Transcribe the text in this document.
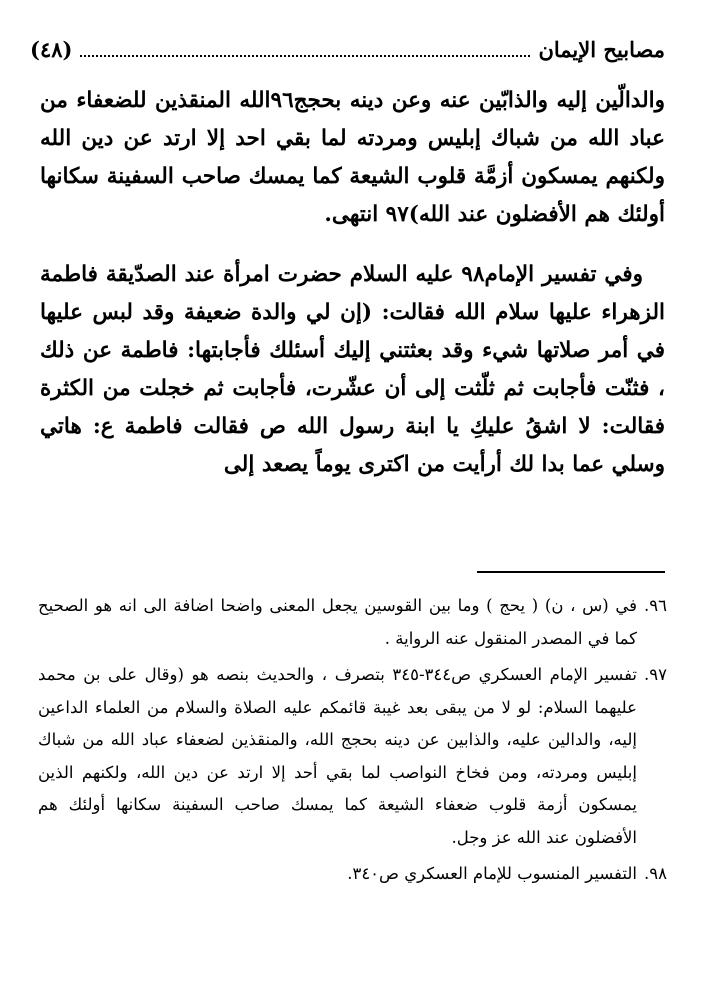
مصابيح الإيمان
(٤٨)

والدالّين إليه والذابّين عنه وعن دينه بحجج٩٦الله المنقذين للضعفاء من عباد الله من شباك إبليس ومردته لما بقي احد إلا ارتد عن دين الله ولكنهم يمسكون أزمَّة قلوب الشيعة كما يمسك صاحب السفينة سكانها أولئك هم الأفضلون عند الله)٩٧ انتهى.

وفي تفسير الإمام٩٨ عليه السلام حضرت امرأة عند الصدّيقة فاطمة الزهراء عليها سلام الله فقالت: (إن لي والدة ضعيفة وقد لبس عليها في أمر صلاتها شيء وقد بعثتني إليك أسئلك فأجابتها: فاطمة عن ذلك ، فثنّت فأجابت ثم ثلّثت إلى أن عشّرت، فأجابت ثم خجلت من الكثرة فقالت: لا اشقُ عليكِ يا ابنة رسول الله ص فقالت فاطمة ع: هاتي وسلي عما بدا لك أرأيت من اكترى يوماً يصعد إلى

٩٦.
في (س ، ن) ( يحج ) وما بين القوسين يجعل المعنى واضحا اضافة الى انه هو الصحيح كما في المصدر المنقول عنه الرواية .
٩٧.
تفسير الإمام العسكري ص٣٤٤-٣٤٥ بتصرف ، والحديث بنصه هو (وقال على بن محمد عليهما السلام: لو لا من يبقى بعد غيبة قائمكم عليه الصلاة والسلام من العلماء الداعين إليه، والدالين عليه، والذابين عن دينه بحجج الله، والمنقذين لضعفاء عباد الله من شباك إبليس ومردته، ومن فخاخ النواصب لما بقي أحد إلا ارتد عن دين الله، ولكنهم الذين يمسكون أزمة قلوب ضعفاء الشيعة كما يمسك صاحب السفينة سكانها أولئك هم الأفضلون عند الله عز وجل.
٩٨.
التفسير المنسوب للإمام العسكري ص٣٤٠.
